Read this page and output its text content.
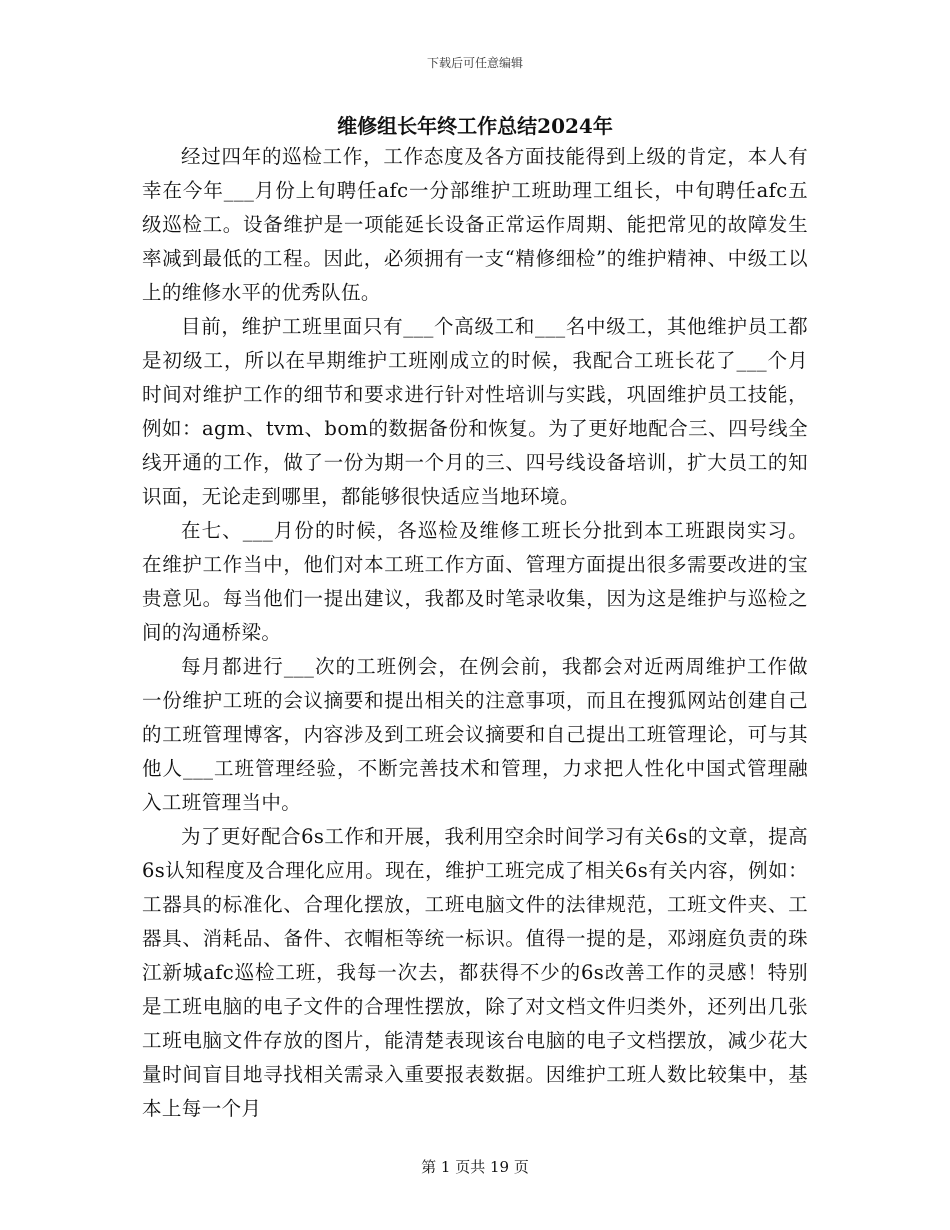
下载后可任意编辑
维修组长年终工作总结2024年

经过四年的巡检工作，工作态度及各方面技能得到上级的肯定，本人有幸在今年___月份上旬聘任afc一分部维护工班助理工组长，中旬聘任afc五级巡检工。设备维护是一项能延长设备正常运作周期、能把常见的故障发生率减到最低的工程。因此，必须拥有一支“精修细检”的维护精神、中级工以上的维修水平的优秀队伍。

目前，维护工班里面只有___个高级工和___名中级工，其他维护员工都是初级工，所以在早期维护工班刚成立的时候，我配合工班长花了___个月时间对维护工作的细节和要求进行针对性培训与实践，巩固维护员工技能，例如：agm、tvm、bom的数据备份和恢复。为了更好地配合三、四号线全线开通的工作，做了一份为期一个月的三、四号线设备培训，扩大员工的知识面，无论走到哪里，都能够很快适应当地环境。

在七、___月份的时候，各巡检及维修工班长分批到本工班跟岗实习。在维护工作当中，他们对本工班工作方面、管理方面提出很多需要改进的宝贵意见。每当他们一提出建议，我都及时笔录收集，因为这是维护与巡检之间的沟通桥梁。

每月都进行___次的工班例会，在例会前，我都会对近两周维护工作做一份维护工班的会议摘要和提出相关的注意事项，而且在搜狐网站创建自己的工班管理博客，内容涉及到工班会议摘要和自己提出工班管理论，可与其他人___工班管理经验，不断完善技术和管理，力求把人性化中国式管理融入工班管理当中。

为了更好配合6s工作和开展，我利用空余时间学习有关6s的文章，提高6s认知程度及合理化应用。现在，维护工班完成了相关6s有关内容，例如：工器具的标准化、合理化摆放，工班电脑文件的法律规范，工班文件夹、工器具、消耗品、备件、衣帽柜等统一标识。值得一提的是，邓翊庭负责的珠江新城afc巡检工班，我每一次去，都获得不少的6s改善工作的灵感！特别是工班电脑的电子文件的合理性摆放，除了对文档文件归类外，还列出几张工班电脑文件存放的图片，能清楚表现该台电脑的电子文档摆放，减少花大量时间盲目地寻找相关需录入重要报表数据。因维护工班人数比较集中，基本上每一个月

第 1 页共 19 页
